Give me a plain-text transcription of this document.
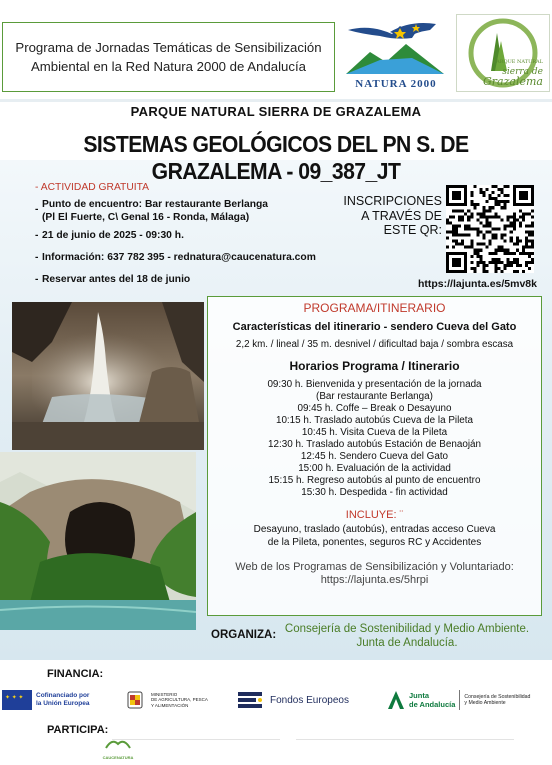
Programa de Jornadas Temáticas de Sensibilización
Ambiental en la Red Natura 2000 de Andalucía
NATURA 2000
PARQUE NATURAL
sierra de
Grazalema
PARQUE NATURAL SIERRA DE GRAZALEMA
SISTEMAS GEOLÓGICOS DEL PN S. DE GRAZALEMA - 09_387_JT
- ACTIVIDAD GRATUITA
- Punto de encuentro: Bar restaurante Berlanga
(Pl El Fuerte, C\ Genal 16 - Ronda, Málaga)
- 21 de junio de 2025 - 09:30 h.
- Información: 637 782 395 - rednatura@caucenatura.com
- Reservar antes del 18 de junio
INSCRIPCIONES
A TRAVÉS DE
ESTE QR:
https://lajunta.es/5mv8k
PROGRAMA/ITINERARIO
Características del itinerario - sendero Cueva del Gato
2,2 km. / lineal / 35 m. desnivel / dificultad baja / sombra escasa
Horarios Programa / Itinerario
09:30 h. Bienvenida y presentación de la jornada
(Bar restaurante Berlanga)
09:45 h. Coffe – Break o Desayuno
10:15 h. Traslado autobús Cueva de la Pileta
10:45 h. Visita Cueva de la Pileta
12:30 h. Traslado autobús Estación de Benaoján
12:45 h. Sendero Cueva del Gato
15:00 h. Evaluación de la actividad
15:15 h. Regreso autobús al punto de encuentro
15:30 h. Despedida - fin actividad
INCLUYE: ¨
Desayuno, traslado (autobús), entradas acceso Cueva
de la Pileta, ponentes, seguros RC y Accidentes
Web de los Programas de Sensibilización y Voluntariado:
https://lajunta.es/5hrpi
ORGANIZA: Consejería de Sostenibilidad y Medio Ambiente.
Junta de Andalucía.
FINANCIA:
✦ ✦ ✦
Cofinanciado por
la Unión Europea
MINISTERIO
DE AGRICULTURA, PESCA
Y ALIMENTACIÓN	Fondos Europeos	Junta
de Andalucía
Consejería de Sostenibilidad
y Medio Ambiente
PARTICIPA:
CAUCENATURA
